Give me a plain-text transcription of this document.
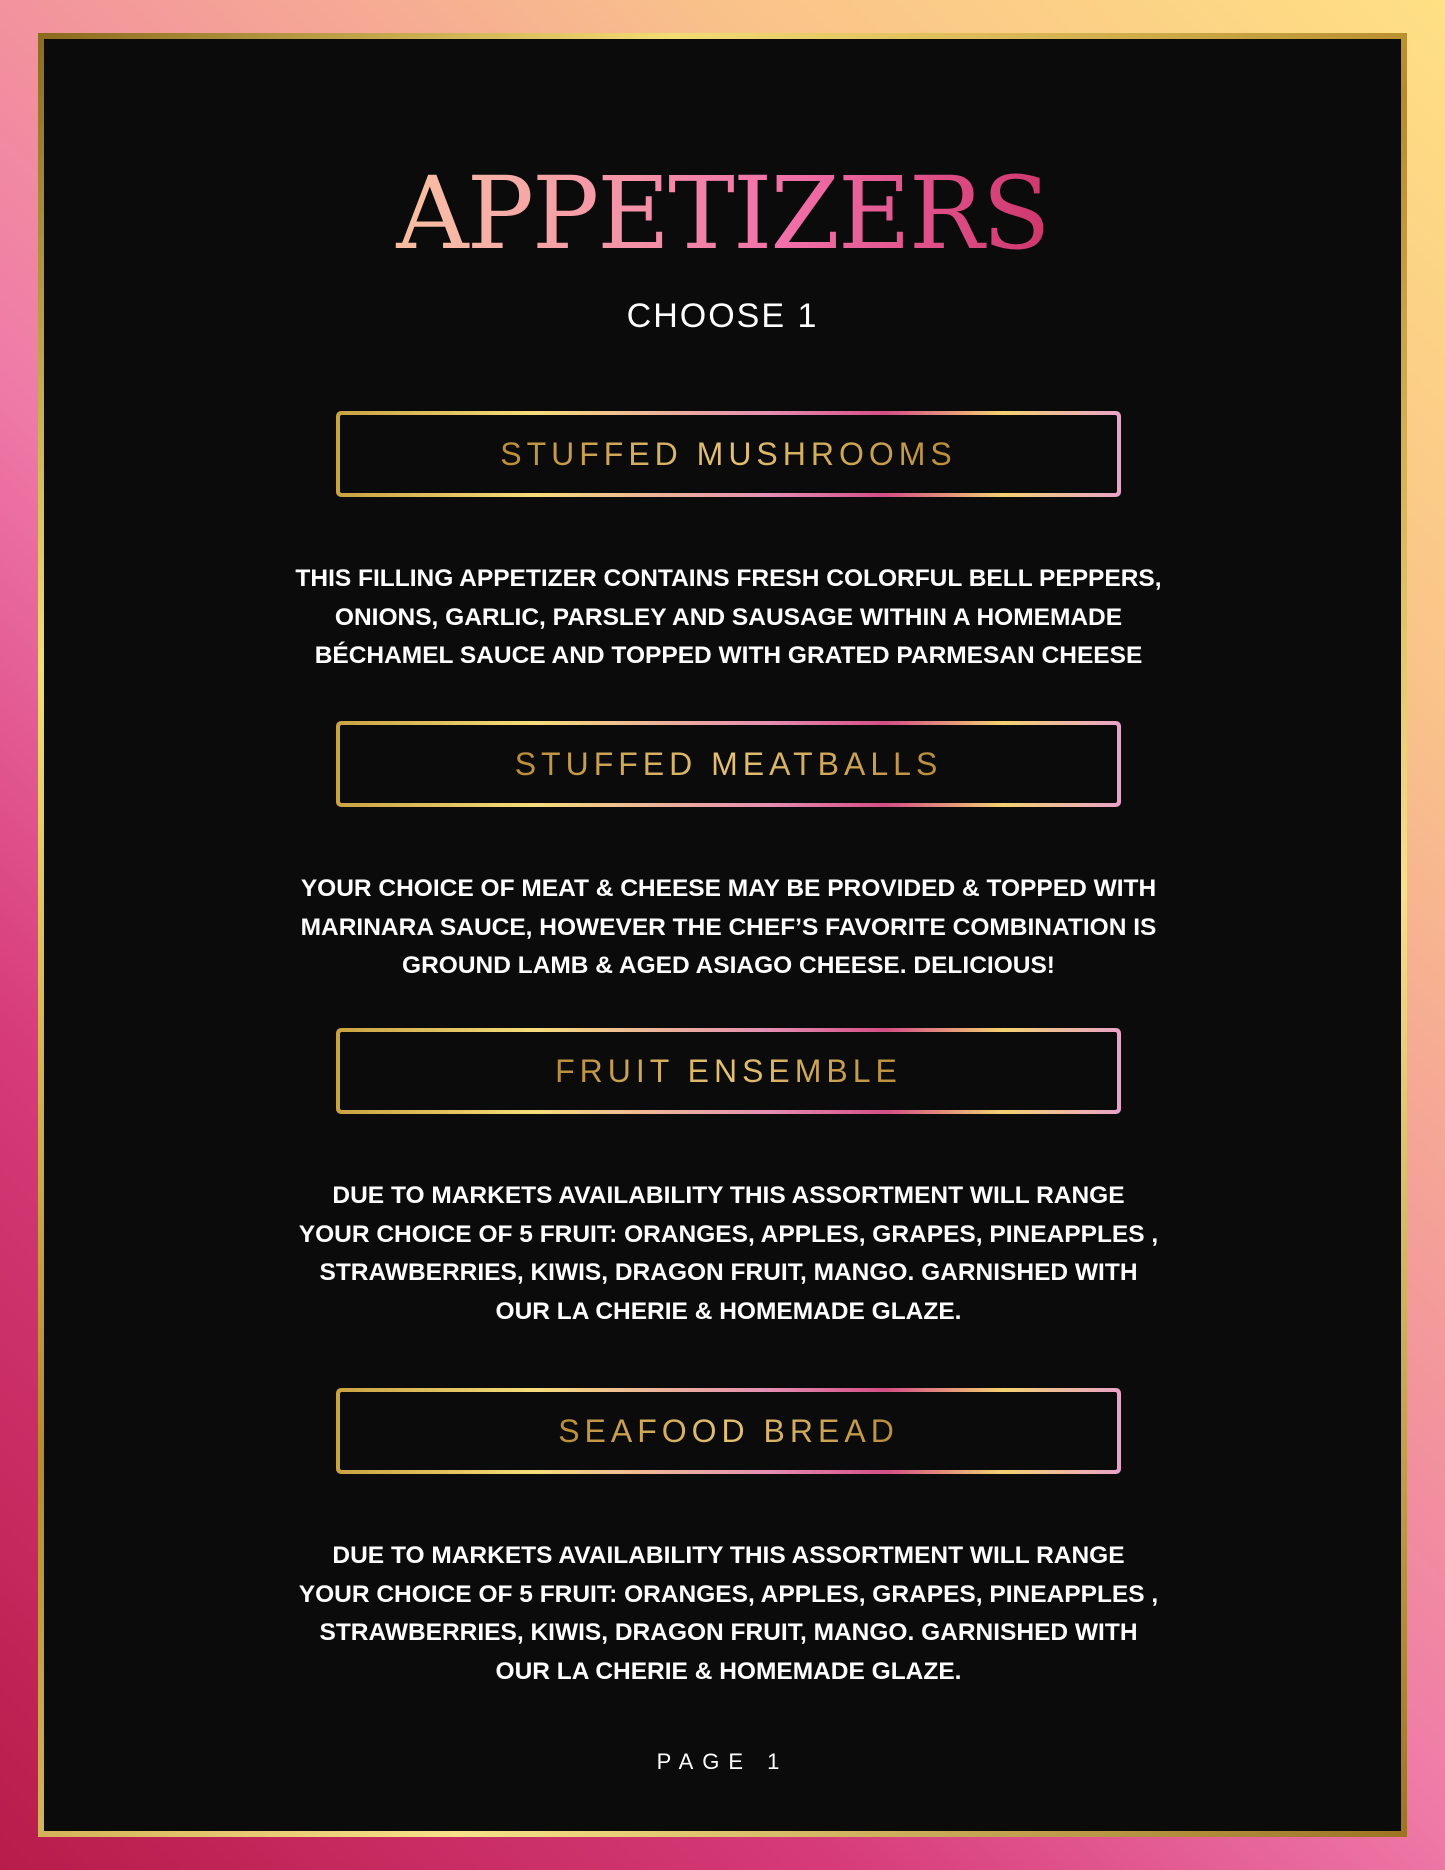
APPETIZERS
CHOOSE 1
STUFFED MUSHROOMS
THIS FILLING APPETIZER CONTAINS FRESH COLORFUL BELL PEPPERS,
ONIONS, GARLIC, PARSLEY AND SAUSAGE WITHIN A HOMEMADE
BÉCHAMEL SAUCE AND TOPPED WITH GRATED PARMESAN CHEESE
STUFFED MEATBALLS
YOUR CHOICE OF MEAT & CHEESE MAY BE PROVIDED & TOPPED WITH
MARINARA SAUCE, HOWEVER THE CHEF’S FAVORITE COMBINATION IS
GROUND LAMB & AGED ASIAGO CHEESE. DELICIOUS!
FRUIT ENSEMBLE
DUE TO MARKETS AVAILABILITY THIS ASSORTMENT WILL RANGE
YOUR CHOICE OF 5 FRUIT: ORANGES, APPLES, GRAPES, PINEAPPLES ,
STRAWBERRIES, KIWIS, DRAGON FRUIT, MANGO. GARNISHED WITH
OUR LA CHERIE & HOMEMADE GLAZE.
SEAFOOD BREAD
DUE TO MARKETS AVAILABILITY THIS ASSORTMENT WILL RANGE
YOUR CHOICE OF 5 FRUIT: ORANGES, APPLES, GRAPES, PINEAPPLES ,
STRAWBERRIES, KIWIS, DRAGON FRUIT, MANGO. GARNISHED WITH
OUR LA CHERIE & HOMEMADE GLAZE.
PAGE 1
